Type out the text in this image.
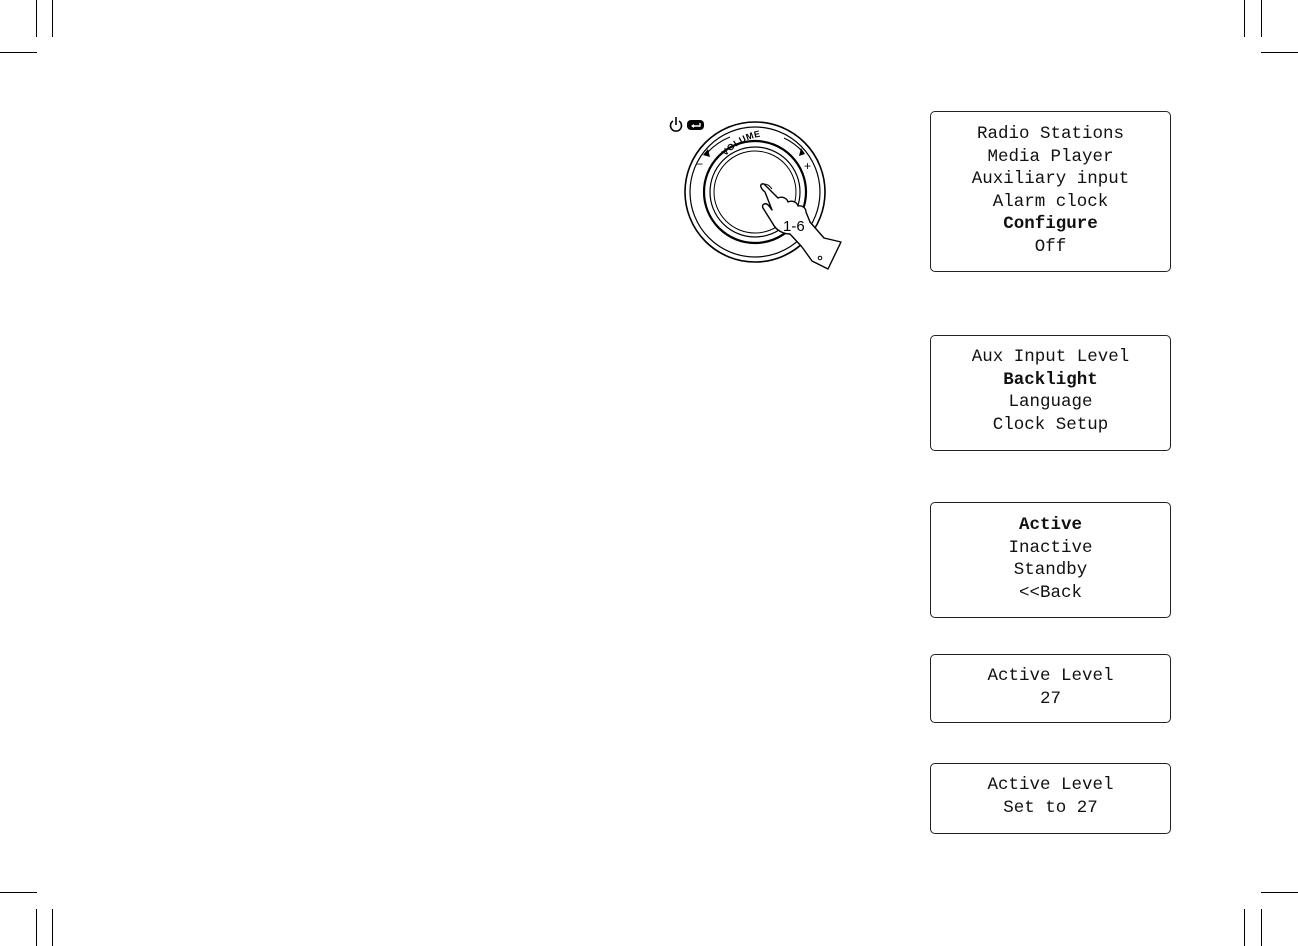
VOLUME
−	+
1-6
Radio Stations
Media Player
Auxiliary input
Alarm clock
Configure
Off
Aux Input Level
Backlight
Language
Clock Setup
Active
Inactive
Standby
<<Back
Active Level
27
Active Level
Set to 27
